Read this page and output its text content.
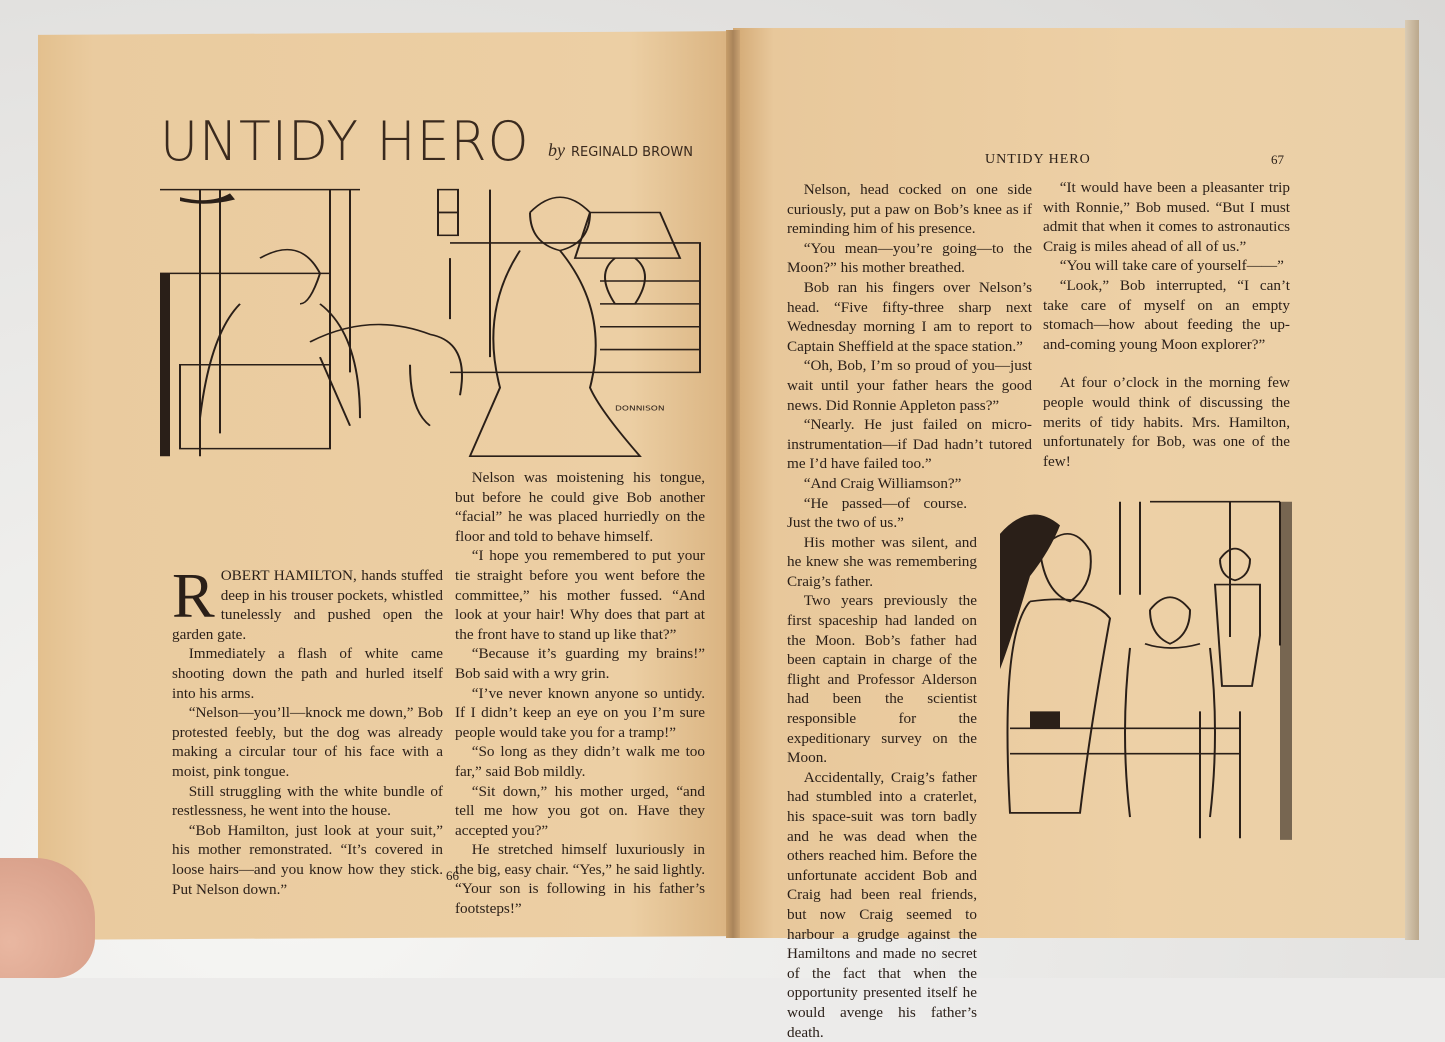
UNTIDY HERO by REGINALD BROWN
DONNISON

ROBERT HAMILTON, hands stuffed deep in his trouser pockets, whistled tunelessly and pushed open the garden gate.

Immediately a flash of white came shooting down the path and hurled itself into his arms.

“Nelson—you’ll—knock me down,” Bob protested feebly, but the dog was already making a circular tour of his face with a moist, pink tongue.

Still struggling with the white bundle of restlessness, he went into the house.

“Bob Hamilton, just look at your suit,” his mother remonstrated. “It’s covered in loose hairs—and you know how they stick. Put Nelson down.”

Nelson was moistening his tongue, but before he could give Bob another “facial” he was placed hurriedly on the floor and told to behave himself.

“I hope you remembered to put your tie straight before you went before the committee,” his mother fussed. “And look at your hair! Why does that part at the front have to stand up like that?”

“Because it’s guarding my brains!” Bob said with a wry grin.

“I’ve never known anyone so untidy. If I didn’t keep an eye on you I’m sure people would take you for a tramp!”

“So long as they didn’t walk me too far,” said Bob mildly.

“Sit down,” his mother urged, “and tell me how you got on. Have they accepted you?”

He stretched himself luxuriously in the big, easy chair. “Yes,” he said lightly. “Your son is following in his father’s footsteps!”

66
UNTIDY HERO	67

Nelson, head cocked on one side curiously, put a paw on Bob’s knee as if reminding him of his presence.

“You mean—you’re going—to the Moon?” his mother breathed.

Bob ran his fingers over Nelson’s head. “Five fifty-three sharp next Wednesday morning I am to report to Captain Sheffield at the space station.”

“Oh, Bob, I’m so proud of you—just wait until your father hears the good news. Did Ronnie Appleton pass?”

“Nearly. He just failed on micro-instrumentation—if Dad hadn’t tutored me I’d have failed too.”

“And Craig Williamson?”

“He passed—of course. Just the two of us.”

His mother was silent, and he knew she was remembering Craig’s father.

Two years previously the first spaceship had landed on the Moon. Bob’s father had been captain in charge of the flight and Professor Alderson had been the scientist responsible for the expeditionary survey on the Moon.

Accidentally, Craig’s father had stumbled into a craterlet, his space-suit was torn badly and he was dead when the others reached him. Before the unfortunate accident Bob and Craig had been real friends, but now Craig seemed to harbour a grudge against the Hamiltons and made no secret of the fact that when the opportunity presented itself he would avenge his father’s death.

“It would have been a pleasanter trip with Ronnie,” Bob mused. “But I must admit that when it comes to astronautics Craig is miles ahead of all of us.”

“You will take care of yourself——”

“Look,” Bob interrupted, “I can’t take care of myself on an empty stomach—how about feeding the up-and-coming young Moon explorer?”

At four o’clock in the morning few people would think of discussing the merits of tidy habits. Mrs. Hamilton, unfortunately for Bob, was one of the few!
